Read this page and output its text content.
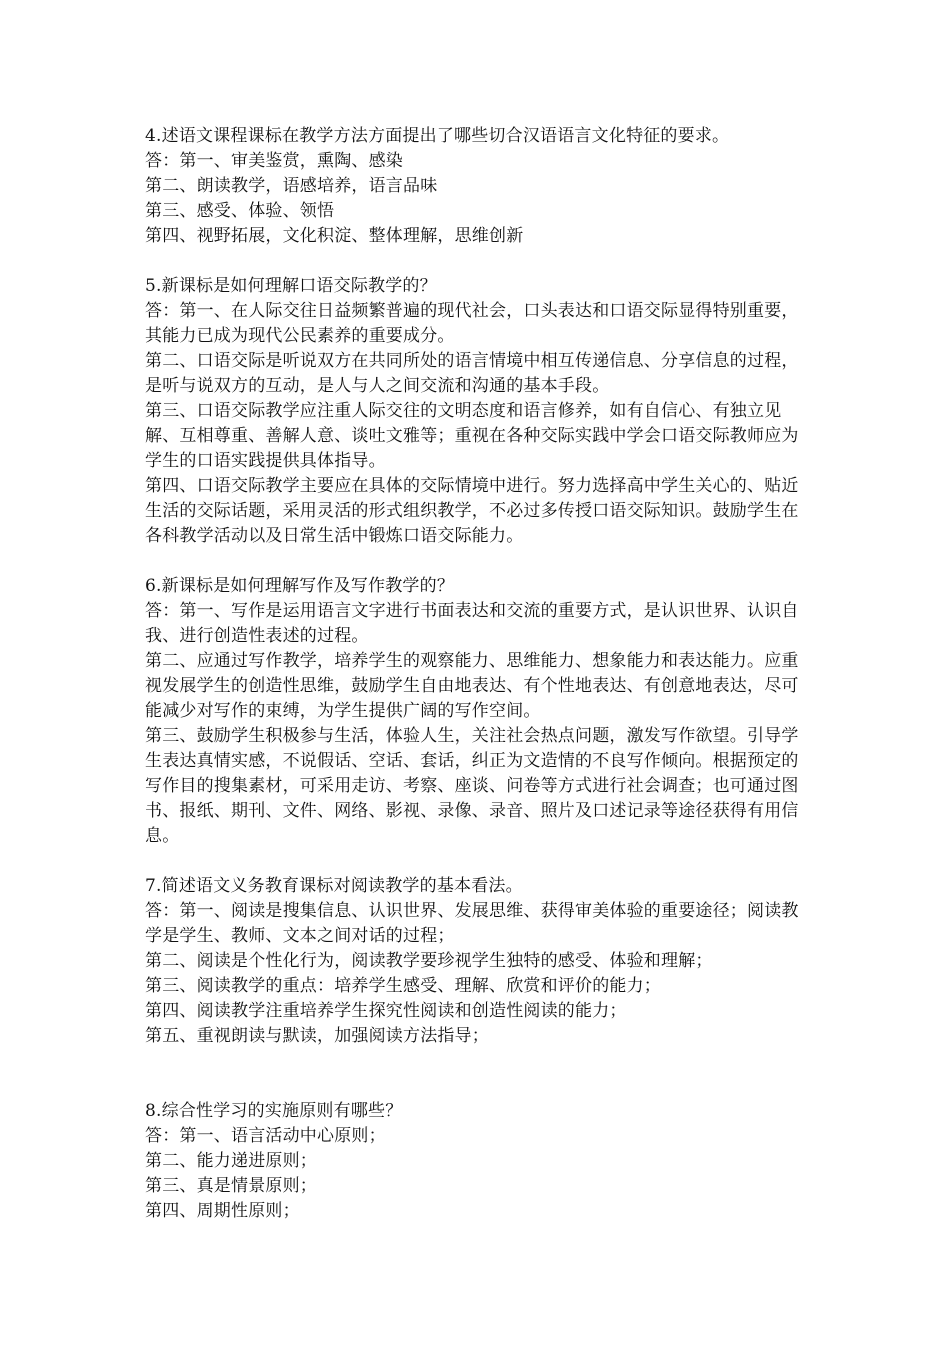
4.述语文课程课标在教学方法方面提出了哪些切合汉语语言文化特征的要求。

答：第一、审美鉴赏，熏陶、感染

第二、朗读教学，语感培养，语言品味

第三、感受、体验、领悟

第四、视野拓展，文化积淀、整体理解，思维创新

5.新课标是如何理解口语交际教学的？

答：第一、在人际交往日益频繁普遍的现代社会，口头表达和口语交际显得特别重要，其能力已成为现代公民素养的重要成分。

第二、口语交际是听说双方在共同所处的语言情境中相互传递信息、分享信息的过程，是听与说双方的互动，是人与人之间交流和沟通的基本手段。

第三、口语交际教学应注重人际交往的文明态度和语言修养，如有自信心、有独立见解、互相尊重、善解人意、谈吐文雅等；重视在各种交际实践中学会口语交际教师应为学生的口语实践提供具体指导。

第四、口语交际教学主要应在具体的交际情境中进行。努力选择高中学生关心的、贴近生活的交际话题，采用灵活的形式组织教学，不必过多传授口语交际知识。鼓励学生在各科教学活动以及日常生活中锻炼口语交际能力。

6.新课标是如何理解写作及写作教学的？

答：第一、写作是运用语言文字进行书面表达和交流的重要方式，是认识世界、认识自我、进行创造性表述的过程。

第二、应通过写作教学，培养学生的观察能力、思维能力、想象能力和表达能力。应重视发展学生的创造性思维，鼓励学生自由地表达、有个性地表达、有创意地表达，尽可能减少对写作的束缚，为学生提供广阔的写作空间。

第三、鼓励学生积极参与生活，体验人生，关注社会热点问题，激发写作欲望。引导学生表达真情实感，不说假话、空话、套话，纠正为文造情的不良写作倾向。根据预定的写作目的搜集素材，可采用走访、考察、座谈、问卷等方式进行社会调查；也可通过图书、报纸、期刊、文件、网络、影视、录像、录音、照片及口述记录等途径获得有用信息。

7.简述语文义务教育课标对阅读教学的基本看法。

答：第一、阅读是搜集信息、认识世界、发展思维、获得审美体验的重要途径；阅读教学是学生、教师、文本之间对话的过程；

第二、阅读是个性化行为，阅读教学要珍视学生独特的感受、体验和理解；

第三、阅读教学的重点：培养学生感受、理解、欣赏和评价的能力；

第四、阅读教学注重培养学生探究性阅读和创造性阅读的能力；

第五、重视朗读与默读，加强阅读方法指导；

8.综合性学习的实施原则有哪些？

答：第一、语言活动中心原则；

第二、能力递进原则；

第三、真是情景原则；

第四、周期性原则；
